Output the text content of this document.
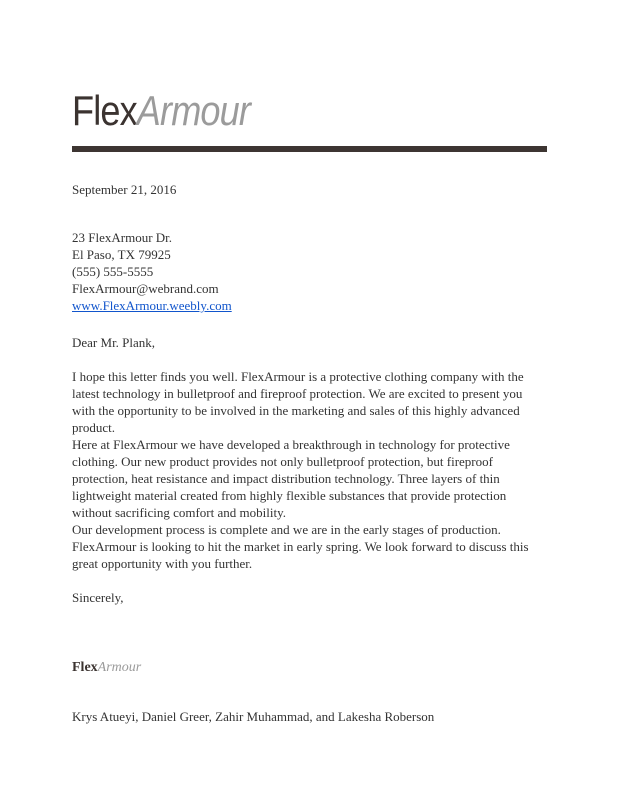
FlexArmour
September 21, 2016
23 FlexArmour Dr.
El Paso, TX 79925
(555) 555-5555
FlexArmour@webrand.com
www.FlexArmour.weebly.com
Dear Mr. Plank,
I hope this letter finds you well. FlexArmour is a protective clothing company with the latest technology in bulletproof and fireproof protection. We are excited to present you with the opportunity to be involved in the marketing and sales of this highly advanced product.
Here at FlexArmour we have developed a breakthrough in technology for protective clothing. Our new product provides not only bulletproof protection, but fireproof protection, heat resistance and impact distribution technology. Three layers of thin lightweight material created from highly flexible substances that provide protection without sacrificing comfort and mobility.
Our development process is complete and we are in the early stages of production. FlexArmour is looking to hit the market in early spring. We look forward to discuss this great opportunity with you further.
Sincerely,
FlexArmour
Krys Atueyi, Daniel Greer, Zahir Muhammad, and Lakesha Roberson
